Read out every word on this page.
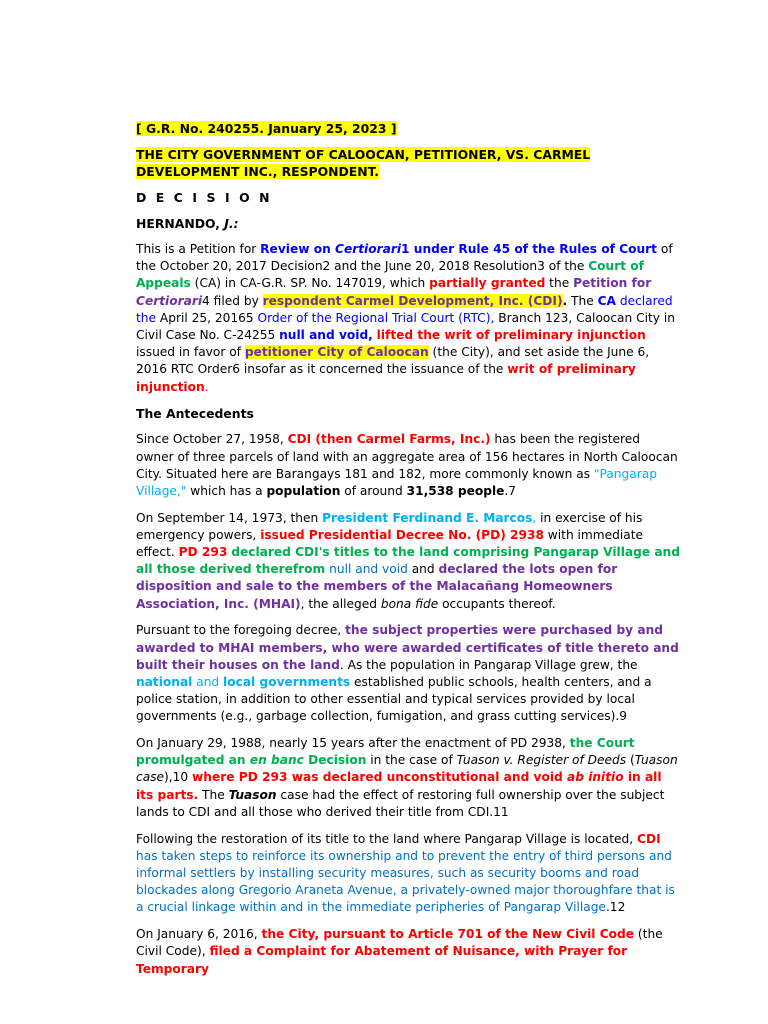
[ G.R. No. 240255. January 25, 2023 ]
THE CITY GOVERNMENT OF CALOOCAN, PETITIONER, VS. CARMEL DEVELOPMENT INC., RESPONDENT.
D E C I S I O N
HERNANDO, J.:
This is a Petition for Review on Certiorari1 under Rule 45 of the Rules of Court of the October 20, 2017 Decision2 and the June 20, 2018 Resolution3 of the Court of Appeals (CA) in CA-G.R. SP. No. 147019, which partially granted the Petition for Certiorari4 filed by respondent Carmel Development, Inc. (CDI). The CA declared the April 25, 20165 Order of the Regional Trial Court (RTC), Branch 123, Caloocan City in Civil Case No. C-24255 null and void, lifted the writ of preliminary injunction issued in favor of petitioner City of Caloocan (the City), and set aside the June 6, 2016 RTC Order6 insofar as it concerned the issuance of the writ of preliminary injunction.
The Antecedents
Since October 27, 1958, CDI (then Carmel Farms, Inc.) has been the registered owner of three parcels of land with an aggregate area of 156 hectares in North Caloocan City. Situated here are Barangays 181 and 182, more commonly known as "Pangarap Village," which has a population of around 31,538 people.7
On September 14, 1973, then President Ferdinand E. Marcos, in exercise of his emergency powers, issued Presidential Decree No. (PD) 2938 with immediate effect. PD 293 declared CDI's titles to the land comprising Pangarap Village and all those derived therefrom null and void and declared the lots open for disposition and sale to the members of the Malacañang Homeowners Association, Inc. (MHAI), the alleged bona fide occupants thereof.
Pursuant to the foregoing decree, the subject properties were purchased by and awarded to MHAI members, who were awarded certificates of title thereto and built their houses on the land. As the population in Pangarap Village grew, the national and local governments established public schools, health centers, and a police station, in addition to other essential and typical services provided by local governments (e.g., garbage collection, fumigation, and grass cutting services).9
On January 29, 1988, nearly 15 years after the enactment of PD 2938, the Court promulgated an en banc Decision in the case of Tuason v. Register of Deeds (Tuason case),10 where PD 293 was declared unconstitutional and void ab initio in all its parts. The Tuason case had the effect of restoring full ownership over the subject lands to CDI and all those who derived their title from CDI.11
Following the restoration of its title to the land where Pangarap Village is located, CDI has taken steps to reinforce its ownership and to prevent the entry of third persons and informal settlers by installing security measures, such as security booms and road blockades along Gregorio Araneta Avenue, a privately-owned major thoroughfare that is a crucial linkage within and in the immediate peripheries of Pangarap Village.12
On January 6, 2016, the City, pursuant to Article 701 of the New Civil Code (the Civil Code), filed a Complaint for Abatement of Nuisance, with Prayer for Temporary
